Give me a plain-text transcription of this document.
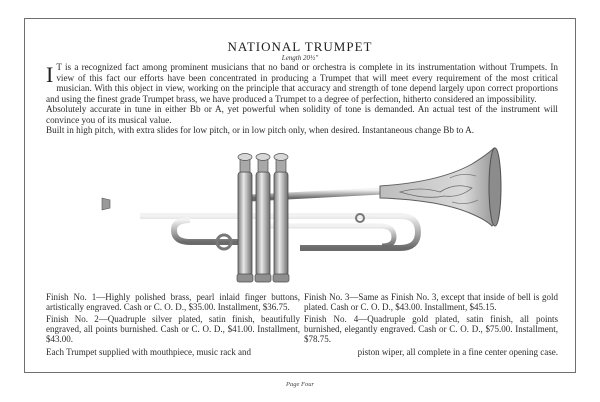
NATIONAL TRUMPET
Length 20½"

I T is a recognized fact among prominent musicians that no band or orchestra is complete in its instrumentation without Trumpets. In view of this fact our efforts have been concentrated in producing a Trumpet that will meet every requirement of the most critical musician. With this object in view, working on the principle that accuracy and strength of tone depend largely upon correct proportions and using the finest grade Trumpet brass, we have produced a Trumpet to a degree of perfection, hitherto considered an impossibility.

Absolutely accurate in tune in either Bb or A, yet powerful when solidity of tone is demanded. An actual test of the instrument will convince you of its musical value.

Built in high pitch, with extra slides for low pitch, or in low pitch only, when desired. Instantaneous change Bb to A.

Finish No. 1—Highly polished brass, pearl inlaid finger buttons, artistically engraved. Cash or C. O. D., $35.00. Installment, $36.75.

Finish No. 2—Quadruple silver plated, satin finish, beautifully engraved, all points burnished. Cash or C. O. D., $41.00. Installment, $43.00.

Finish No. 3—Same as Finish No. 3, except that inside of bell is gold plated. Cash or C. O. D., $43.00. Installment, $45.15.

Finish No. 4—Quadruple gold plated, satin finish, all points burnished, elegantly engraved. Cash or C. O. D., $75.00. Installment, $78.75.

Each Trumpet supplied with mouthpiece, music rack and	piston wiper, all complete in a fine center opening case.
Page Four
